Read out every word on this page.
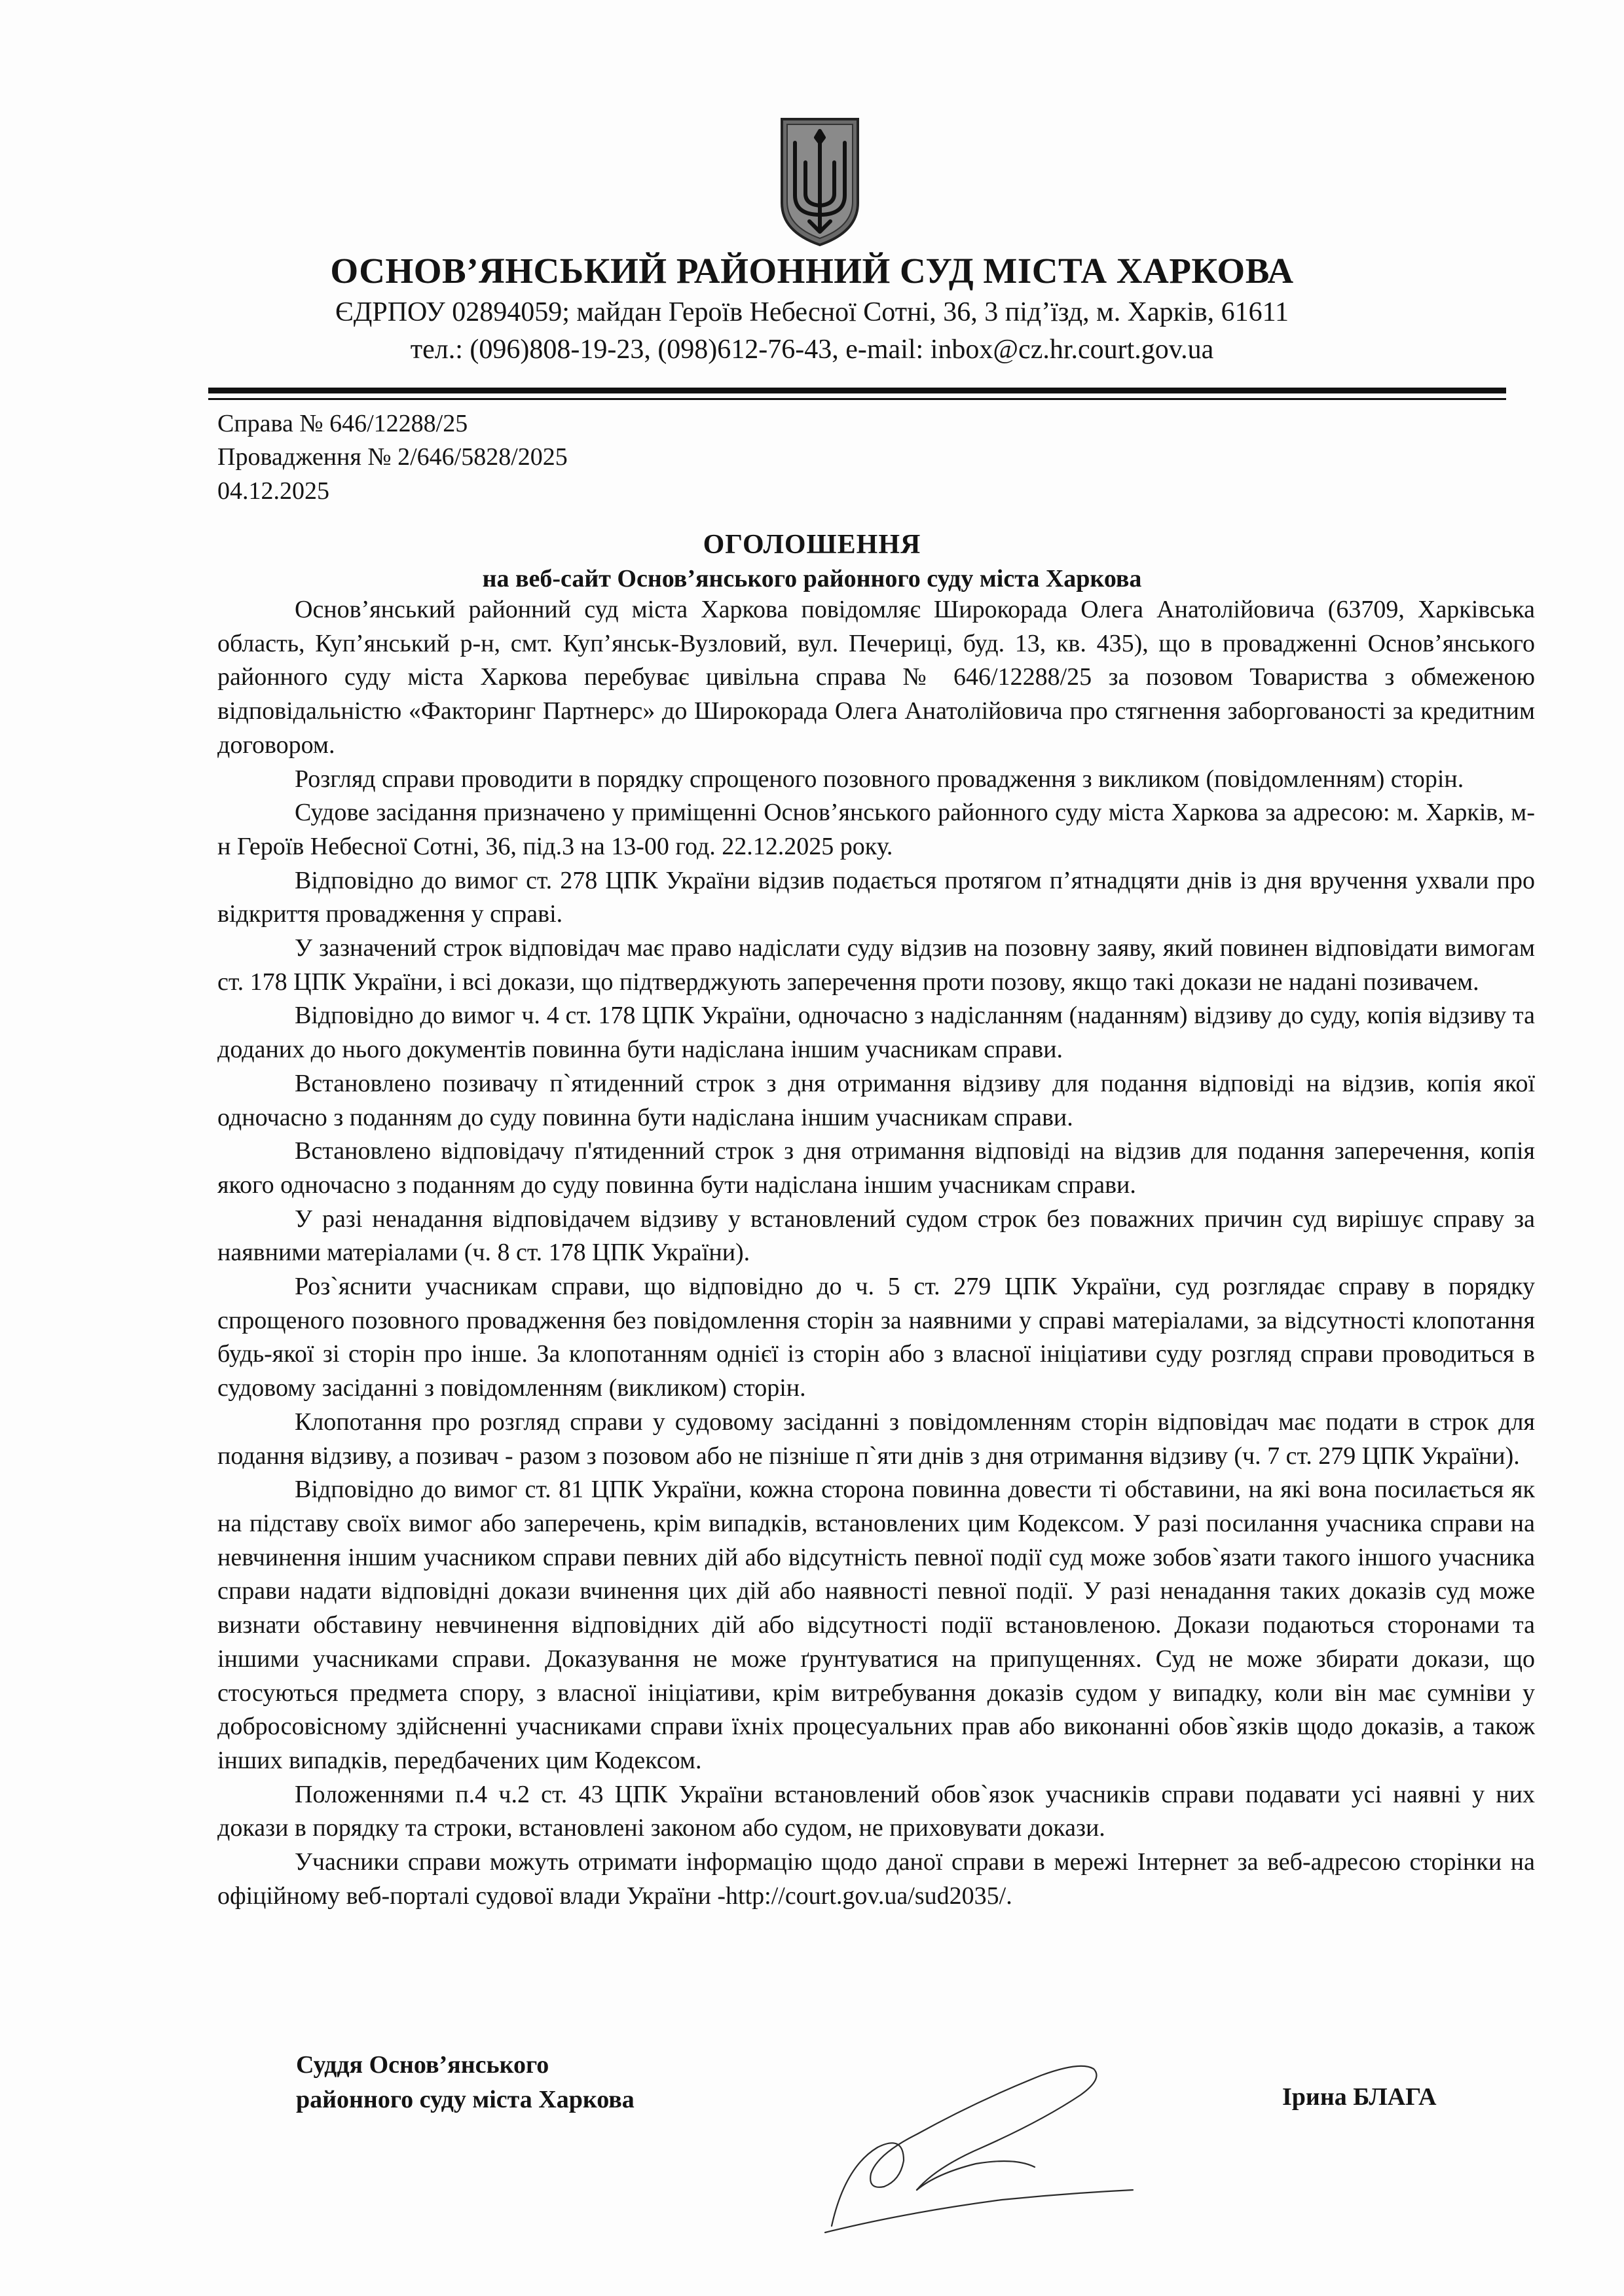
ОСНОВ’ЯНСЬКИЙ РАЙОННИЙ СУД МІСТА ХАРКОВА
ЄДРПОУ 02894059; майдан Героїв Небесної Сотні, 36, 3 під’їзд, м. Харків, 61611
тел.: (096)808-19-23, (098)612-76-43, e-mail: inbox@cz.hr.court.gov.ua
Справа № 646/12288/25
Провадження № 2/646/5828/2025
04.12.2025
ОГОЛОШЕННЯ
на веб-сайт Основ’янського районного суду міста Харкова

Основ’янський районний суд міста Харкова повідомляє Широкорада Олега Анатолійовича (63709, Харківська область, Куп’янський р-н, смт. Куп’янськ-Вузловий, вул. Печериці, буд. 13, кв. 435), що в провадженні Основ’янського районного суду міста Харкова перебуває цивільна справа № 646/12288/25 за позовом Товариства з обмеженою відповідальністю «Факторинг Партнерс» до Широкорада Олега Анатолійовича про стягнення заборгованості за кредитним договором.

Розгляд справи проводити в порядку спрощеного позовного провадження з викликом (повідомленням) сторін.

Судове засідання призначено у приміщенні Основ’янського районного суду міста Харкова за адресою: м. Харків, м-н Героїв Небесної Сотні, 36, під.3 на 13-00 год. 22.12.2025 року.

Відповідно до вимог ст. 278 ЦПК України відзив подається протягом п’ятнадцяти днів із дня вручення ухвали про відкриття провадження у справі.

У зазначений строк відповідач має право надіслати суду відзив на позовну заяву, який повинен відповідати вимогам ст. 178 ЦПК України, і всі докази, що підтверджують заперечення проти позову, якщо такі докази не надані позивачем.

Відповідно до вимог ч. 4 ст. 178 ЦПК України, одночасно з надісланням (наданням) відзиву до суду, копія відзиву та доданих до нього документів повинна бути надіслана іншим учасникам справи.

Встановлено позивачу п`ятиденний строк з дня отримання відзиву для подання відповіді на відзив, копія якої одночасно з поданням до суду повинна бути надіслана іншим учасникам справи.

Встановлено відповідачу п'ятиденний строк з дня отримання відповіді на відзив для подання заперечення, копія якого одночасно з поданням до суду повинна бути надіслана іншим учасникам справи.

У разі ненадання відповідачем відзиву у встановлений судом строк без поважних причин суд вирішує справу за наявними матеріалами (ч. 8 ст. 178 ЦПК України).

Роз`яснити учасникам справи, що відповідно до ч. 5 ст. 279 ЦПК України, суд розглядає справу в порядку спрощеного позовного провадження без повідомлення сторін за наявними у справі матеріалами, за відсутності клопотання будь-якої зі сторін про інше. За клопотанням однієї із сторін або з власної ініціативи суду розгляд справи проводиться в судовому засіданні з повідомленням (викликом) сторін.

Клопотання про розгляд справи у судовому засіданні з повідомленням сторін відповідач має подати в строк для подання відзиву, а позивач - разом з позовом або не пізніше п`яти днів з дня отримання відзиву (ч. 7 ст. 279 ЦПК України).

Відповідно до вимог ст. 81 ЦПК України, кожна сторона повинна довести ті обставини, на які вона посилається як на підставу своїх вимог або заперечень, крім випадків, встановлених цим Кодексом. У разі посилання учасника справи на невчинення іншим учасником справи певних дій або відсутність певної події суд може зобов`язати такого іншого учасника справи надати відповідні докази вчинення цих дій або наявності певної події. У разі ненадання таких доказів суд може визнати обставину невчинення відповідних дій або відсутності події встановленою. Докази подаються сторонами та іншими учасниками справи. Доказування не може ґрунтуватися на припущеннях. Суд не може збирати докази, що стосуються предмета спору, з власної ініціативи, крім витребування доказів судом у випадку, коли він має сумніви у добросовісному здійсненні учасниками справи їхніх процесуальних прав або виконанні обов`язків щодо доказів, а також інших випадків, передбачених цим Кодексом.

Положеннями п.4 ч.2 ст. 43 ЦПК України встановлений обов`язок учасників справи подавати усі наявні у них докази в порядку та строки, встановлені законом або судом, не приховувати докази.

Учасники справи можуть отримати інформацію щодо даної справи в мережі Інтернет за веб-адресою сторінки на офіційному веб-порталі судової влади України -http://court.gov.ua/sud2035/.

Суддя Основ’янського
районного суду міста Харкова	Ірина БЛАГА
